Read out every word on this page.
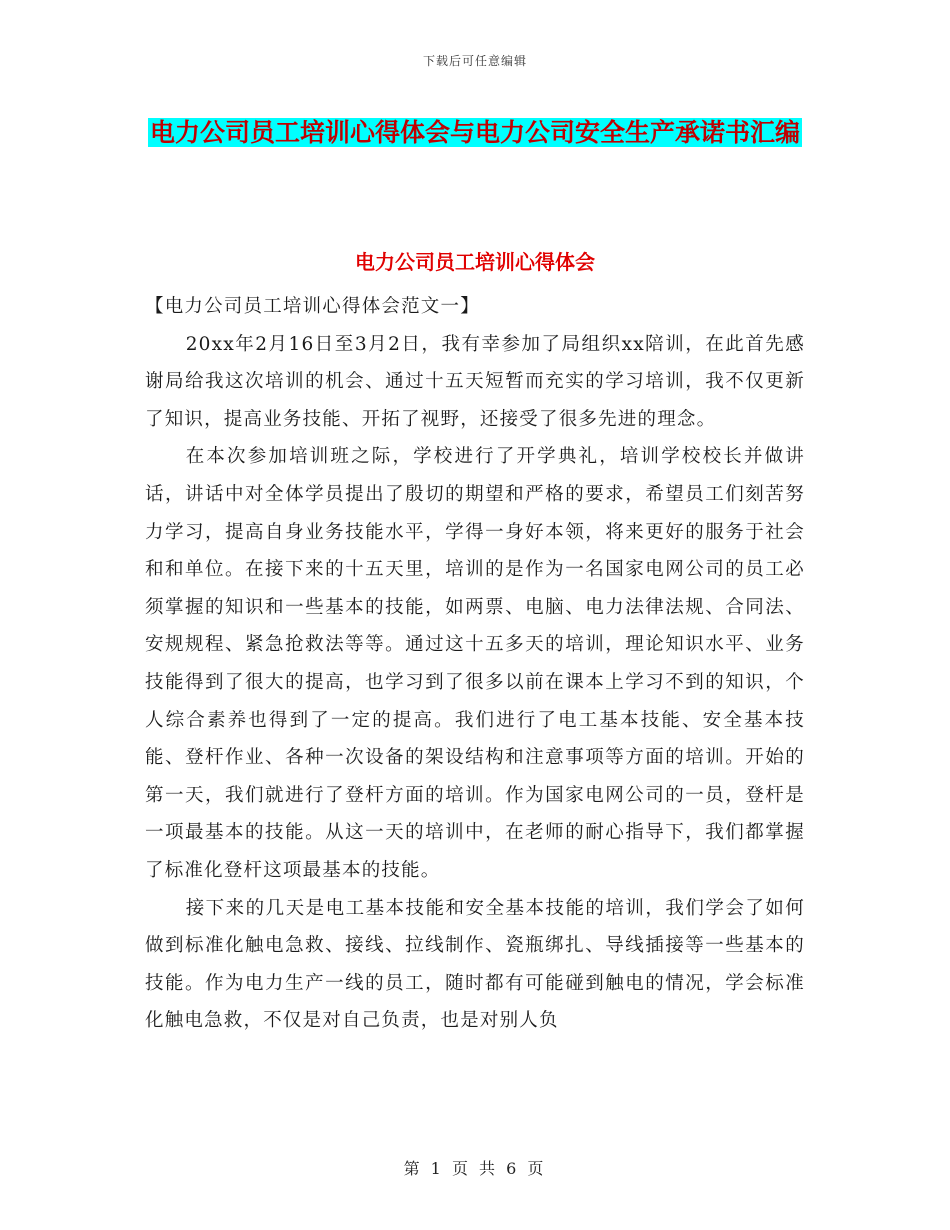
下载后可任意编辑
电力公司员工培训心得体会与电力公司安全生产承诺书汇编
电力公司员工培训心得体会

【电力公司员工培训心得体会范文一】

20xx年2月16日至3月2日，我有幸参加了局组织xx陪训，在此首先感谢局给我这次培训的机会、通过十五天短暂而充实的学习培训，我不仅更新了知识，提高业务技能、开拓了视野，还接受了很多先进的理念。

在本次参加培训班之际，学校进行了开学典礼，培训学校校长并做讲话，讲话中对全体学员提出了殷切的期望和严格的要求，希望员工们刻苦努力学习，提高自身业务技能水平，学得一身好本领，将来更好的服务于社会和和单位。在接下来的十五天里，培训的是作为一名国家电网公司的员工必须掌握的知识和一些基本的技能，如两票、电脑、电力法律法规、合同法、安规规程、紧急抢救法等等。通过这十五多天的培训，理论知识水平、业务技能得到了很大的提高，也学习到了很多以前在课本上学习不到的知识，个人综合素养也得到了一定的提高。我们进行了电工基本技能、安全基本技能、登杆作业、各种一次设备的架设结构和注意事项等方面的培训。开始的第一天，我们就进行了登杆方面的培训。作为国家电网公司的一员，登杆是一项最基本的技能。从这一天的培训中，在老师的耐心指导下，我们都掌握了标准化登杆这项最基本的技能。

接下来的几天是电工基本技能和安全基本技能的培训，我们学会了如何做到标准化触电急救、接线、拉线制作、瓷瓶绑扎、导线插接等一些基本的技能。作为电力生产一线的员工，随时都有可能碰到触电的情况，学会标准化触电急救，不仅是对自己负责，也是对别人负

第 1 页 共 6 页
